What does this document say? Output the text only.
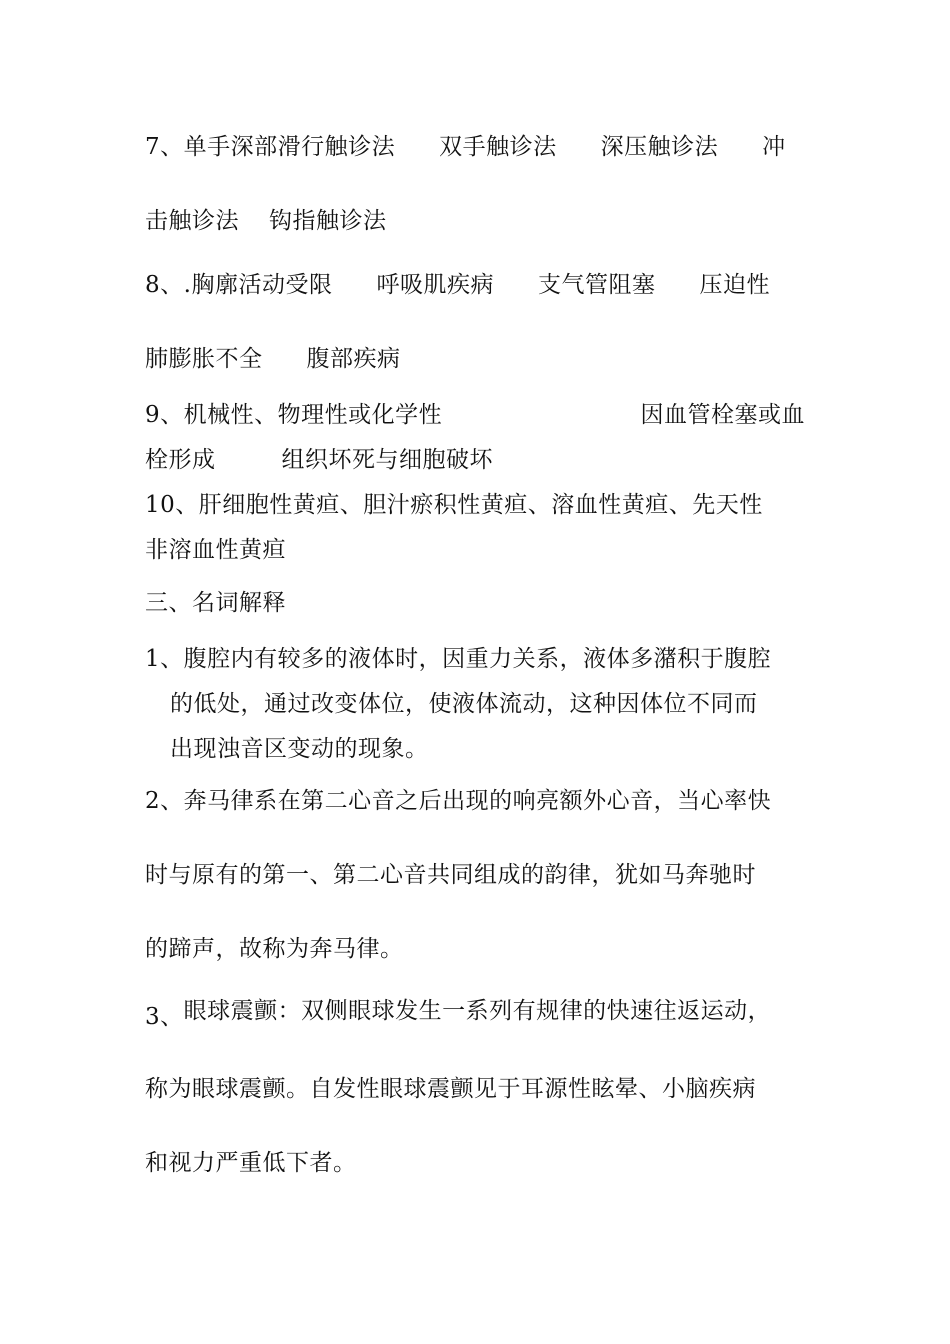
7、单手深部滑行触诊法 双手触诊法 深压触诊法 冲
击触诊法 钩指触诊法
8、.胸廓活动受限 呼吸肌疾病 支气管阻塞 压迫性
肺膨胀不全 腹部疾病
9、机械性、物理性或化学性	因血管栓塞或血
栓形成	组织坏死与细胞破坏
10、肝细胞性黄疸、胆汁瘀积性黄疸、溶血性黄疸、先天性
非溶血性黄疸
三、名词解释
1、腹腔内有较多的液体时，因重力关系，液体多潴积于腹腔
的低处，通过改变体位，使液体流动，这种因体位不同而
出现浊音区变动的现象。
2、奔马律系在第二心音之后出现的响亮额外心音，当心率快
时与原有的第一、第二心音共同组成的韵律，犹如马奔驰时
的蹄声，故称为奔马律。
3、眼球震颤：双侧眼球发生一系列有规律的快速往返运动，
称为眼球震颤。自发性眼球震颤见于耳源性眩晕、小脑疾病
和视力严重低下者。
